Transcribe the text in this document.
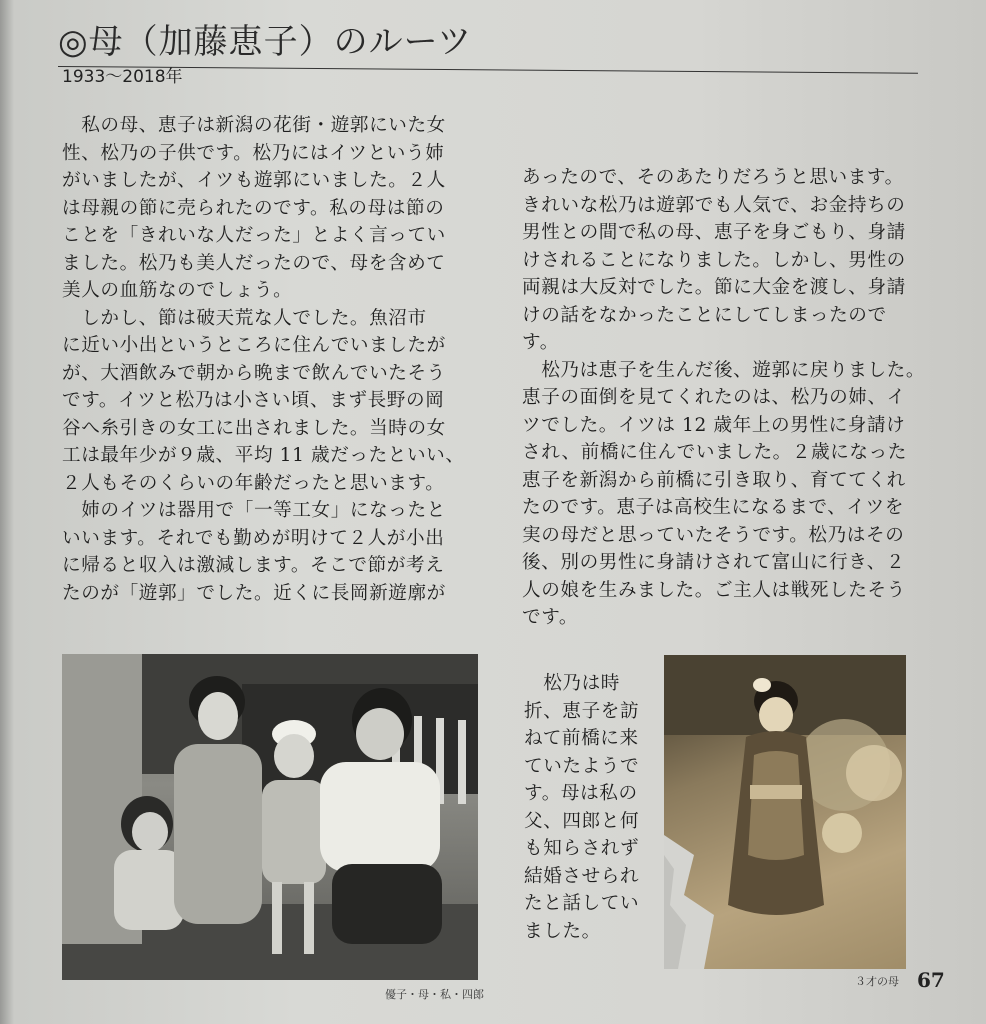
◎母（加藤恵子）のルーツ
1933～2018年
　私の母、恵子は新潟の花街・遊郭にいた女
性、松乃の子供です。松乃にはイツという姉
がいましたが、イツも遊郭にいました。２人
は母親の節に売られたのです。私の母は節の
ことを「きれいな人だった」とよく言ってい
ました。松乃も美人だったので、母を含めて
美人の血筋なのでしょう。
　しかし、節は破天荒な人でした。魚沼市
に近い小出というところに住んでいましたが
が、大酒飲みで朝から晩まで飲んでいたそう
です。イツと松乃は小さい頃、まず長野の岡
谷へ糸引きの女工に出されました。当時の女
工は最年少が９歳、平均 11 歳だったといい、
２人もそのくらいの年齢だったと思います。
　姉のイツは器用で「一等工女」になったと
いいます。それでも勤めが明けて２人が小出
に帰ると収入は激減します。そこで節が考え
たのが「遊郭」でした。近くに長岡新遊廓が
あったので、そのあたりだろうと思います。
きれいな松乃は遊郭でも人気で、お金持ちの
男性との間で私の母、恵子を身ごもり、身請
けされることになりました。しかし、男性の
両親は大反対でした。節に大金を渡し、身請
けの話をなかったことにしてしまったので
す。
　松乃は恵子を生んだ後、遊郭に戻りました。
恵子の面倒を見てくれたのは、松乃の姉、イ
ツでした。イツは 12 歳年上の男性に身請け
され、前橋に住んでいました。２歳になった
恵子を新潟から前橋に引き取り、育ててくれ
たのです。恵子は高校生になるまで、イツを
実の母だと思っていたそうです。松乃はその
後、別の男性に身請けされて富山に行き、２
人の娘を生みました。ご主人は戦死したそう
です。
　松乃は時
折、恵子を訪
ねて前橋に来
ていたようで
す。母は私の
父、四郎と何
も知らされず
結婚させられ
たと話してい
ました。
優子・母・私・四郎
３才の母 67
